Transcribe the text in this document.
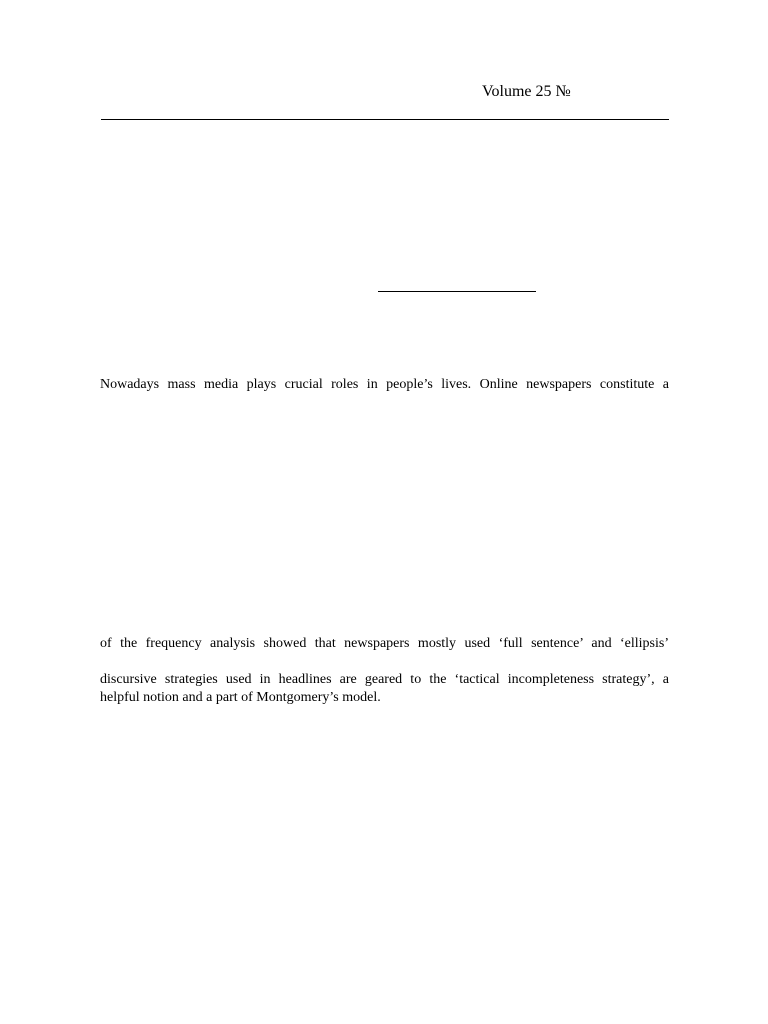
Volume 25 №
Nowadays mass media plays crucial roles in people’s lives. Online newspapers constitute a
of the frequency analysis showed that newspapers mostly used ‘full sentence’ and ‘ellipsis’
discursive strategies used in headlines are geared to the ‘tactical incompleteness strategy’, a
helpful notion and a part of Montgomery’s model.
